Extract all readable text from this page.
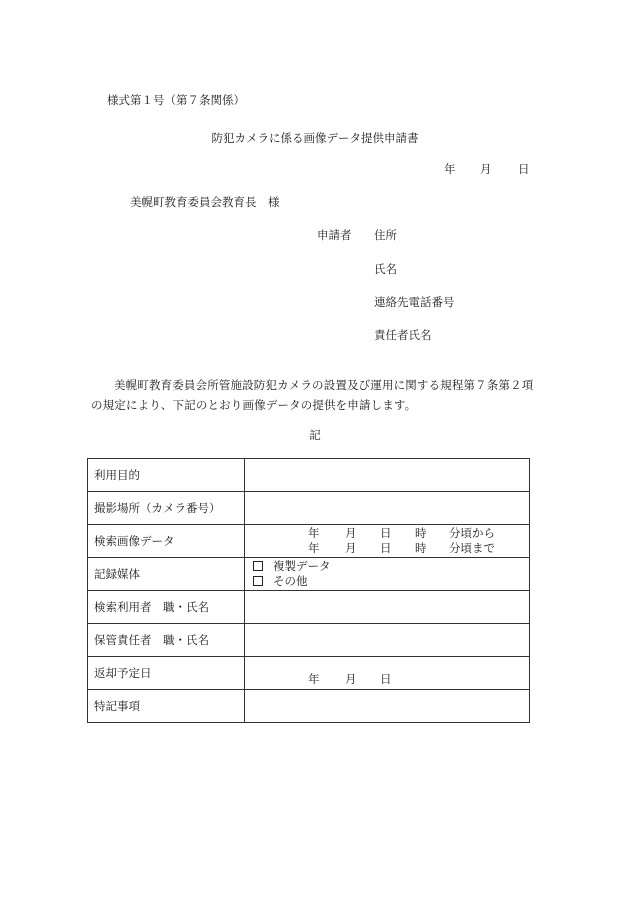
様式第１号（第７条関係）
防犯カメラに係る画像データ提供申請書
年 月 日
美幌町教育委員会教育長　様
申請者 住所
氏名
連絡先電話番号
責任者氏名
美幌町教育委員会所管施設防犯カメラの設置及び運用に関する規程第７条第２項の規定により、下記のとおり画像データの提供を申請します。
記
利用目的	
撮影場所（カメラ番号）	
検索画像データ	年 月 日 時 分頃から
年 月 日 時 分頃まで

記録媒体	複製データ
その他

検索利用者　職・氏名	
保管責任者　職・氏名	
返却予定日	年 月 日

特記事項	
